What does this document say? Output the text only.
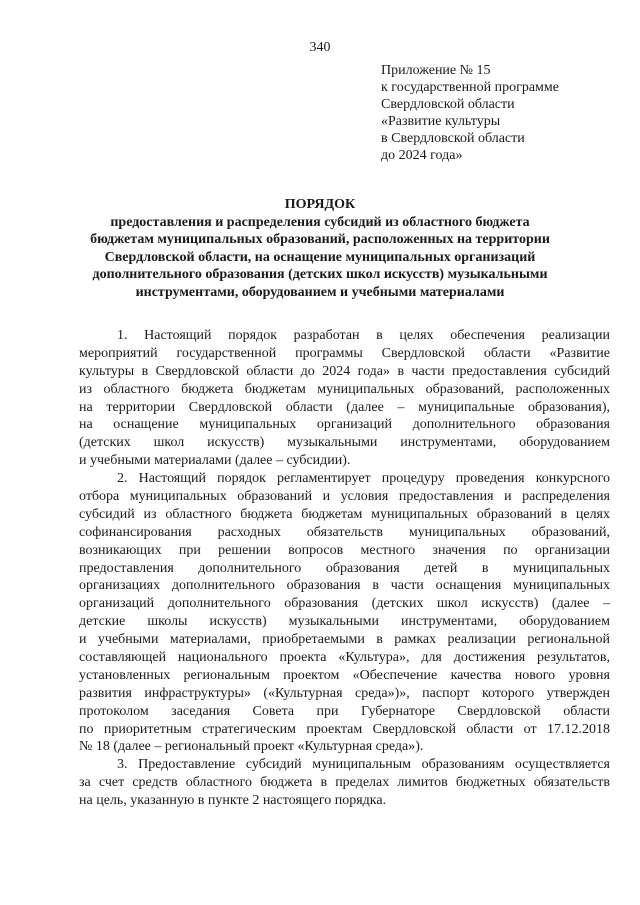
340
Приложение № 15
к государственной программе
Свердловской области
«Развитие культуры
в Свердловской области
до 2024 года»
ПОРЯДОК
предоставления и распределения субсидий из областного бюджета
бюджетам муниципальных образований, расположенных на территории
Свердловской области, на оснащение муниципальных организаций
дополнительного образования (детских школ искусств) музыкальными
инструментами, оборудованием и учебными материалами
1. Настоящий порядок разработан в целях обеспечения реализации
мероприятий государственной программы Свердловской области «Развитие
культуры в Свердловской области до 2024 года» в части предоставления субсидий
из областного бюджета бюджетам муниципальных образований, расположенных
на территории Свердловской области (далее – муниципальные образования),
на оснащение муниципальных организаций дополнительного образования
(детских школ искусств) музыкальными инструментами, оборудованием
и учебными материалами (далее – субсидии).
2. Настоящий порядок регламентирует процедуру проведения конкурсного
отбора муниципальных образований и условия предоставления и распределения
субсидий из областного бюджета бюджетам муниципальных образований в целях
софинансирования расходных обязательств муниципальных образований,
возникающих при решении вопросов местного значения по организации
предоставления дополнительного образования детей в муниципальных
организациях дополнительного образования в части оснащения муниципальных
организаций дополнительного образования (детских школ искусств) (далее –
детские школы искусств) музыкальными инструментами, оборудованием
и учебными материалами, приобретаемыми в рамках реализации региональной
составляющей национального проекта «Культура», для достижения результатов,
установленных региональным проектом «Обеспечение качества нового уровня
развития инфраструктуры» («Культурная среда»)», паспорт которого утвержден
протоколом заседания Совета при Губернаторе Свердловской области
по приоритетным стратегическим проектам Свердловской области от 17.12.2018
№ 18 (далее – региональный проект «Культурная среда»).
3. Предоставление субсидий муниципальным образованиям осуществляется
за счет средств областного бюджета в пределах лимитов бюджетных обязательств
на цель, указанную в пункте 2 настоящего порядка.
